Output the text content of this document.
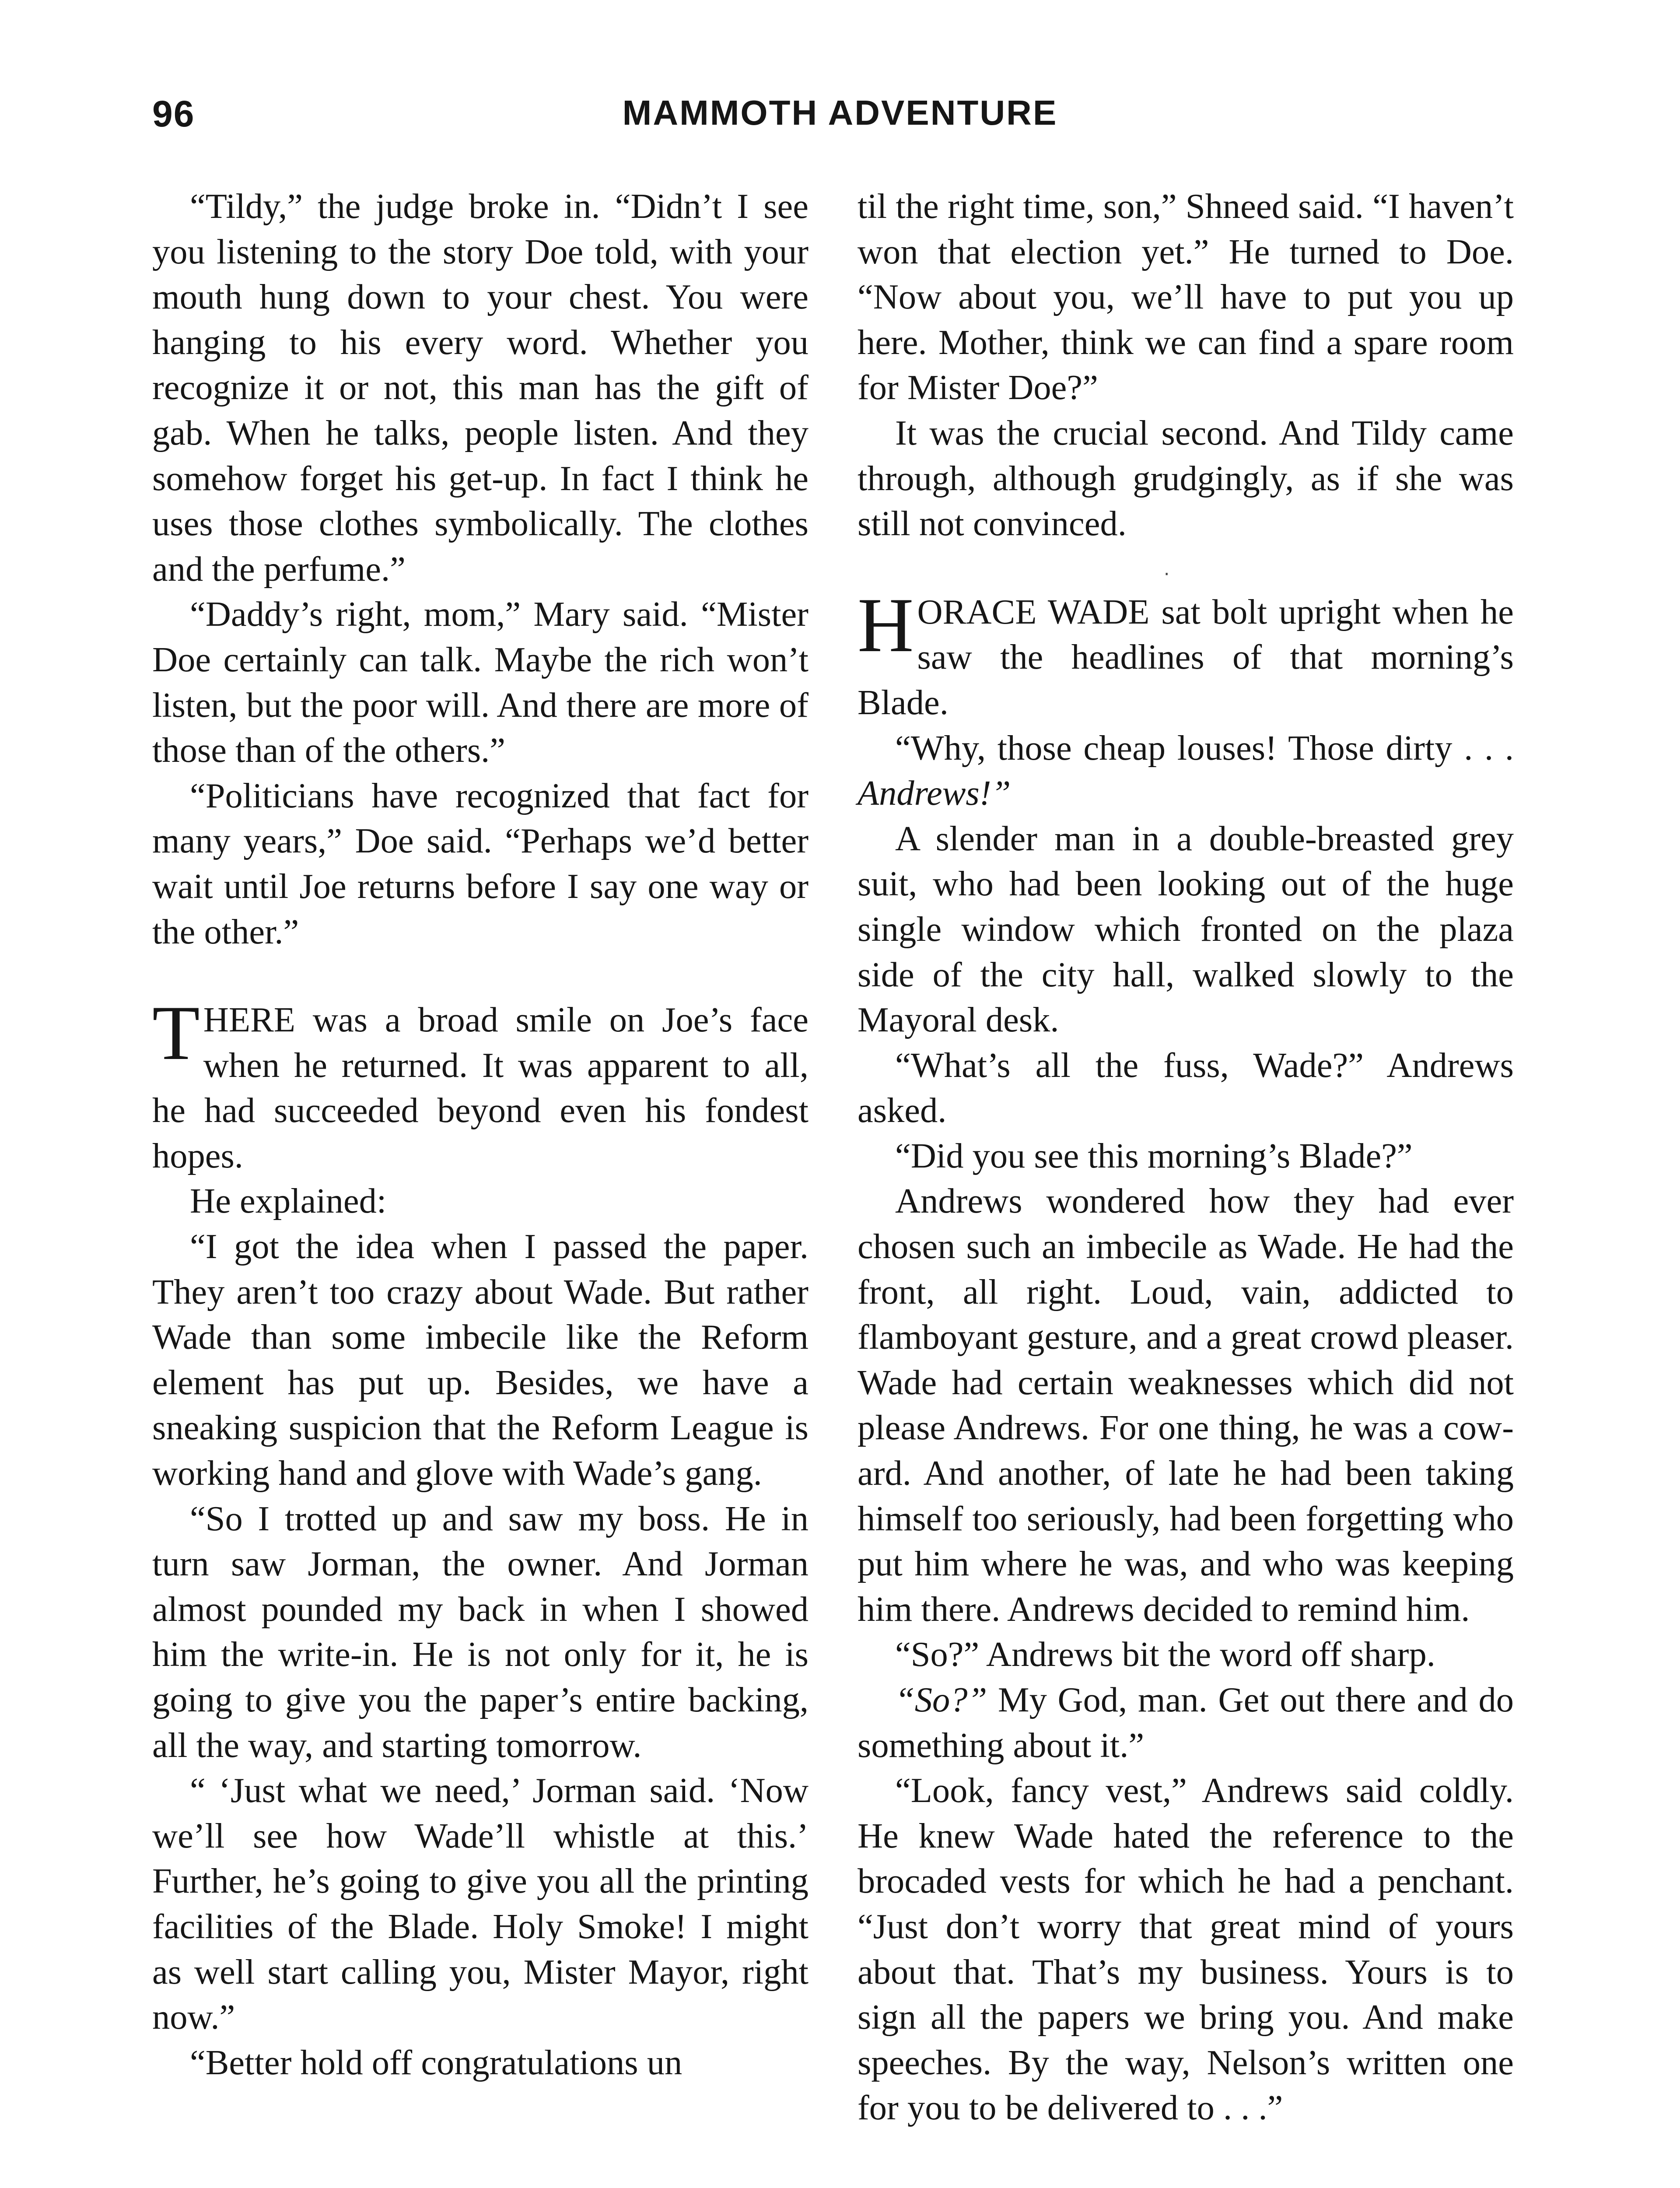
96	MAMMOTH ADVENTURE

“Tildy,” the judge broke in. “Didn’t I see you listening to the story Doe told, with your mouth hung down to your chest. You were hanging to his every word. Whether you recognize it or not, this man has the gift of gab. When he talks, people listen. And they somehow forget his get-up. In fact I think he uses those clothes symbolically. The clothes and the perfume.”

“Daddy’s right, mom,” Mary said. “Mister Doe certainly can talk. Maybe the rich won’t listen, but the poor will. And there are more of those than of the others.”

“Politicians have recognized that fact for many years,” Doe said. “Perhaps we’d better wait until Joe returns before I say one way or the other.”

THERE was a broad smile on Joe’s face when he returned. It was apparent to all, he had succeeded beyond even his fondest hopes.

He explained:

“I got the idea when I passed the paper. They aren’t too crazy about Wade. But rather Wade than some imbecile like the Reform element has put up. Besides, we have a sneaking suspicion that the Reform League is working hand and glove with Wade’s gang.

“So I trotted up and saw my boss. He in turn saw Jorman, the owner. And Jorman almost pounded my back in when I showed him the write-in. He is not only for it, he is going to give you the paper’s entire backing, all the way, and starting tomorrow.

“ ‘Just what we need,’ Jorman said. ‘Now we’ll see how Wade’ll whistle at this.’ Further, he’s going to give you all the printing facilities of the Blade. Holy Smoke! I might as well start calling you, Mister Mayor, right now.”

“Better hold off congratulations un

til the right time, son,” Shneed said. “I haven’t won that election yet.” He turned to Doe. “Now about you, we’ll have to put you up here. Mother, think we can find a spare room for Mister Doe?”

It was the crucial second. And Tildy came through, although grudgingly, as if she was still not convinced.

‧

HORACE WADE sat bolt upright when he saw the headlines of that morning’s Blade.

“Why, those cheap louses! Those dirty . . . Andrews!”

A slender man in a double-breasted grey suit, who had been looking out of the huge single window which fronted on the plaza side of the city hall, walked slowly to the Mayoral desk.

“What’s all the fuss, Wade?” Andrews asked.

“Did you see this morning’s Blade?”

Andrews wondered how they had ever chosen such an imbecile as Wade. He had the front, all right. Loud, vain, addicted to flamboyant gesture, and a great crowd pleaser. Wade had certain weaknesses which did not please Andrews. For one thing, he was a coward. And another, of late he had been taking himself too seriously, had been forgetting who put him where he was, and who was keeping him there. Andrews decided to remind him.

“So?” Andrews bit the word off sharp.

“So?” My God, man. Get out there and do something about it.”

“Look, fancy vest,” Andrews said coldly. He knew Wade hated the reference to the brocaded vests for which he had a penchant. “Just don’t worry that great mind of yours about that. That’s my business. Yours is to sign all the papers we bring you. And make speeches. By the way, Nelson’s written one for you to be delivered to . . .”
